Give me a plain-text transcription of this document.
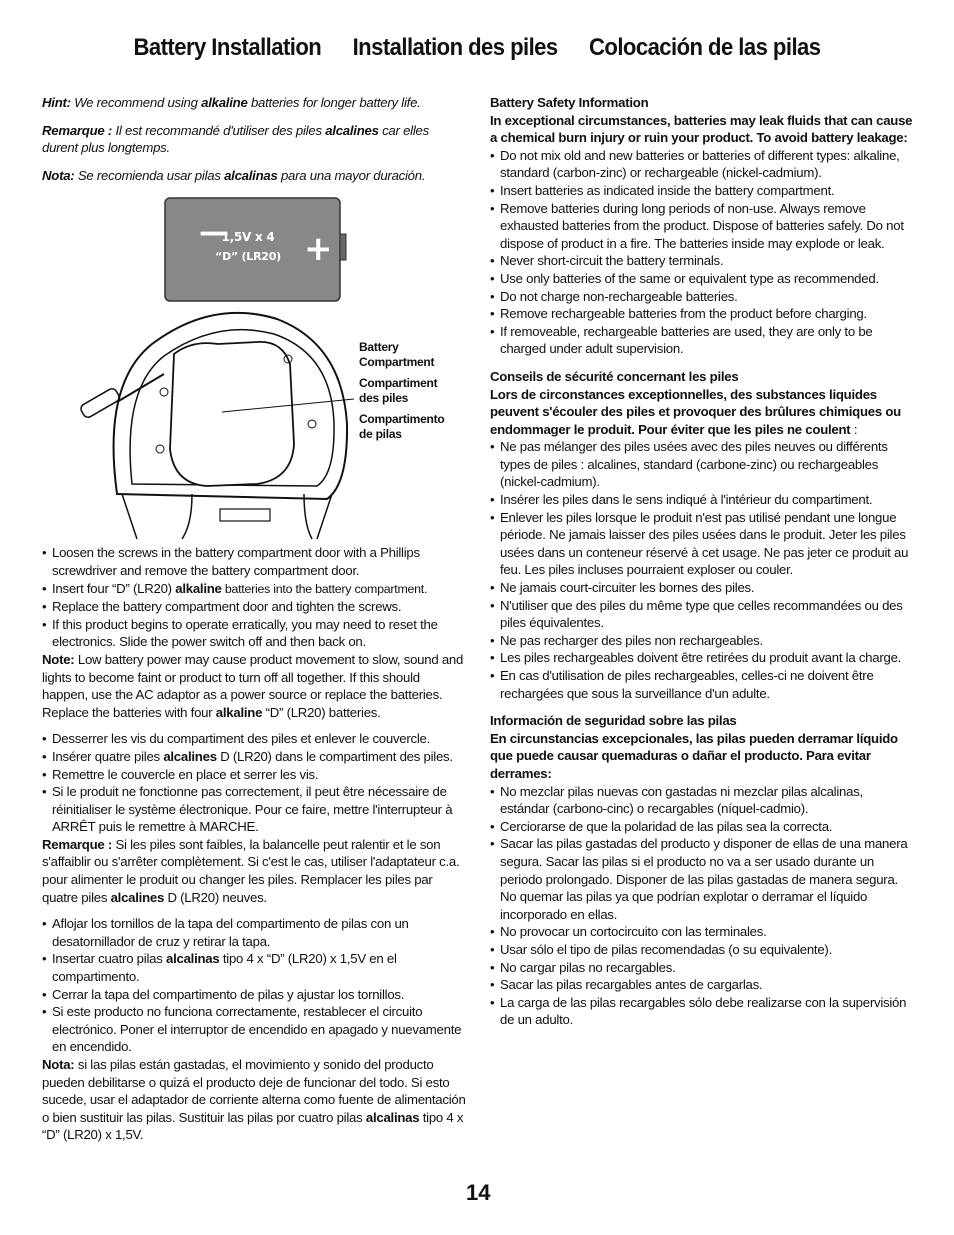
Battery Installation Installation des piles Colocación de las pilas

Hint: We recommend using alkaline batteries for longer battery life.

Remarque : Il est recommandé d'utiliser des piles alcalines car elles durent plus longtemps.

Nota: Se recomienda usar pilas alcalinas para una mayor duración.

— +
1,5V x 4
“D” (LR20)
Battery Compartment
Compartiment des piles
Compartimento de pilas
• Loosen the screws in the battery compartment door with a Phillips screwdriver and remove the battery compartment door.
• Insert four “D” (LR20) alkaline batteries into the battery compartment.
• Replace the battery compartment door and tighten the screws.
• If this product begins to operate erratically, you may need to reset the electronics. Slide the power switch off and then back on.

Note: Low battery power may cause product movement to slow, sound and lights to become faint or product to turn off all together. If this should happen, use the AC adaptor as a power source or replace the batteries. Replace the batteries with four alkaline “D” (LR20) batteries.

• Desserrer les vis du compartiment des piles et enlever le couvercle.
• Insérer quatre piles alcalines D (LR20) dans le compartiment des piles.
• Remettre le couvercle en place et serrer les vis.
• Si le produit ne fonctionne pas correctement, il peut être nécessaire de réinitialiser le système électronique. Pour ce faire, mettre l'interrupteur à ARRÊT puis le remettre à MARCHE.

Remarque : Si les piles sont faibles, la balancelle peut ralentir et le son s'affaiblir ou s'arrêter complètement. Si c'est le cas, utiliser l'adaptateur c.a. pour alimenter le produit ou changer les piles. Remplacer les piles par quatre piles alcalines D (LR20) neuves.

• Aflojar los tornillos de la tapa del compartimento de pilas con un desatornillador de cruz y retirar la tapa.
• Insertar cuatro pilas alcalinas tipo 4 x “D” (LR20) x 1,5V en el compartimento.
• Cerrar la tapa del compartimento de pilas y ajustar los tornillos.
• Si este producto no funciona correctamente, restablecer el circuito electrónico. Poner el interruptor de encendido en apagado y nuevamente en encendido.

Nota: si las pilas están gastadas, el movimiento y sonido del producto pueden debilitarse o quizá el producto deje de funcionar del todo. Si esto sucede, usar el adaptador de corriente alterna como fuente de alimentación o bien sustituir las pilas. Sustituir las pilas por cuatro pilas alcalinas tipo 4 x “D” (LR20) x 1,5V.

Battery Safety Information

In exceptional circumstances, batteries may leak fluids that can cause a chemical burn injury or ruin your product. To avoid battery leakage:

• Do not mix old and new batteries or batteries of different types: alkaline, standard (carbon-zinc) or rechargeable (nickel-cadmium).
• Insert batteries as indicated inside the battery compartment.
• Remove batteries during long periods of non-use. Always remove exhausted batteries from the product. Dispose of batteries safely. Do not dispose of product in a fire. The batteries inside may explode or leak.
• Never short-circuit the battery terminals.
• Use only batteries of the same or equivalent type as recommended.
• Do not charge non-rechargeable batteries.
• Remove rechargeable batteries from the product before charging.
• If removeable, rechargeable batteries are used, they are only to be charged under adult supervision.

Conseils de sécurité concernant les piles

Lors de circonstances exceptionnelles, des substances liquides peuvent s'écouler des piles et provoquer des brûlures chimiques ou endommager le produit. Pour éviter que les piles ne coulent :

• Ne pas mélanger des piles usées avec des piles neuves ou différents types de piles : alcalines, standard (carbone-zinc) ou rechargeables (nickel-cadmium).
• Insérer les piles dans le sens indiqué à l'intérieur du compartiment.
• Enlever les piles lorsque le produit n'est pas utilisé pendant une longue période. Ne jamais laisser des piles usées dans le produit. Jeter les piles usées dans un conteneur réservé à cet usage. Ne pas jeter ce produit au feu. Les piles incluses pourraient exploser ou couler.
• Ne jamais court-circuiter les bornes des piles.
• N'utiliser que des piles du même type que celles recommandées ou des piles équivalentes.
• Ne pas recharger des piles non rechargeables.
• Les piles rechargeables doivent être retirées du produit avant la charge.
• En cas d'utilisation de piles rechargeables, celles-ci ne doivent être rechargées que sous la surveillance d'un adulte.

Información de seguridad sobre las pilas

En circunstancias excepcionales, las pilas pueden derramar líquido que puede causar quemaduras o dañar el producto. Para evitar derrames:

• No mezclar pilas nuevas con gastadas ni mezclar pilas alcalinas, estándar (carbono-cinc) o recargables (níquel-cadmio).
• Cerciorarse de que la polaridad de las pilas sea la correcta.
• Sacar las pilas gastadas del producto y disponer de ellas de una manera segura. Sacar las pilas si el producto no va a ser usado durante un periodo prolongado. Disponer de las pilas gastadas de manera segura. No quemar las pilas ya que podrían explotar o derramar el líquido incorporado en ellas.
• No provocar un cortocircuito con las terminales.
• Usar sólo el tipo de pilas recomendadas (o su equivalente).
• No cargar pilas no recargables.
• Sacar las pilas recargables antes de cargarlas.
• La carga de las pilas recargables sólo debe realizarse con la supervisión de un adulto.
14
